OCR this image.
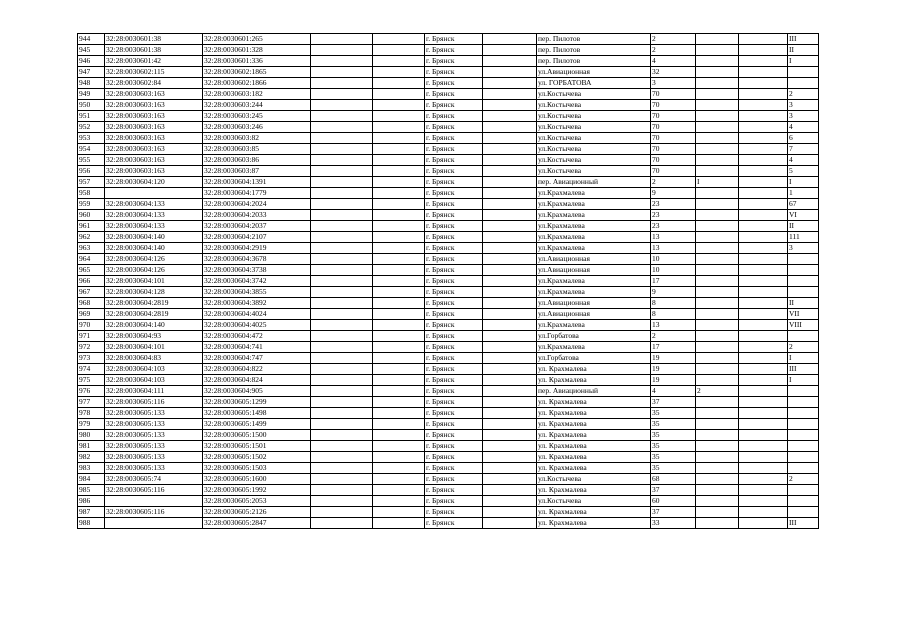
944	32:28:0030601:38	32:28:0030601:265			г. Брянск		пер. Пилотов	2			III
945	32:28:0030601:38	32:28:0030601:328			г. Брянск		пер. Пилотов	2			II
946	32:28:0030601:42	32:28:0030601:336			г. Брянск		пер. Пилотов	4			I
947	32:28:0030602:115	32:28:0030602:1865			г. Брянск		ул.Авиационная	32			
948	32:28:0030602:84	32:28:0030602:1866			г. Брянск		ул. ГОРБАТОВА	3			
949	32:28:0030603:163	32:28:0030603:182			г. Брянск		ул.Костычева	70			2
950	32:28:0030603:163	32:28:0030603:244			г. Брянск		ул.Костычева	70			3
951	32:28:0030603:163	32:28:0030603:245			г. Брянск		ул.Костычева	70			3
952	32:28:0030603:163	32:28:0030603:246			г. Брянск		ул.Костычева	70			4
953	32:28:0030603:163	32:28:0030603:82			г. Брянск		ул.Костычева	70			6
954	32:28:0030603:163	32:28:0030603:85			г. Брянск		ул.Костычева	70			7
955	32:28:0030603:163	32:28:0030603:86			г. Брянск		ул.Костычева	70			4
956	32:28:0030603:163	32:28:0030603:87			г. Брянск		ул.Костычева	70			5
957	32:28:0030604:120	32:28:0030604:1391			г. Брянск		пер. Авиационный	2	I		I
958		32:28:0030604:1779			г. Брянск		ул.Крахмалева	9			1
959	32:28:0030604:133	32:28:0030604:2024			г. Брянск		ул.Крахмалева	23			67
960	32:28:0030604:133	32:28:0030604:2033			г. Брянск		ул.Крахмалева	23			VI
961	32:28:0030604:133	32:28:0030604:2037			г. Брянск		ул.Крахмалева	23			II
962	32:28:0030604:140	32:28:0030604:2107			г. Брянск		ул.Крахмалева	13			111
963	32:28:0030604:140	32:28:0030604:2919			г. Брянск		ул.Крахмалева	13			3
964	32:28:0030604:126	32:28:0030604:3678			г. Брянск		ул.Авиационная	10			
965	32:28:0030604:126	32:28:0030604:3738			г. Брянск		ул.Авиационная	10			
966	32:28:0030604:101	32:28:0030604:3742			г. Брянск		ул.Крахмалева	17			
967	32:28:0030604:128	32:28:0030604:3855			г. Брянск		ул.Крахмалева	9			
968	32:28:0030604:2819	32:28:0030604:3892			г. Брянск		ул.Авиационная	8			II
969	32:28:0030604:2819	32:28:0030604:4024			г. Брянск		ул.Авиационная	8			VII
970	32:28:0030604:140	32:28:0030604:4025			г. Брянск		ул.Крахмалева	13			VIII
971	32:28:0030604:93	32:28:0030604:472			г. Брянск		ул.Горбатова	2			
972	32:28:0030604:101	32:28:0030604:741			г. Брянск		ул.Крахмалева	17			2
973	32:28:0030604:83	32:28:0030604:747			г. Брянск		ул.Горбатова	19			I
974	32:28:0030604:103	32:28:0030604:822			г. Брянск		ул. Крахмалева	19			III
975	32:28:0030604:103	32:28:0030604:824			г. Брянск		ул. Крахмалева	19			I
976	32:28:0030604:111	32:28:0030604:905			г. Брянск		пер. Авиационный	4	2		
977	32:28:0030605:116	32:28:0030605:1299			г. Брянск		ул. Крахмалева	37			
978	32:28:0030605:133	32:28:0030605:1498			г. Брянск		ул. Крахмалева	35			
979	32:28:0030605:133	32:28:0030605:1499			г. Брянск		ул. Крахмалева	35			
980	32:28:0030605:133	32:28:0030605:1500			г. Брянск		ул. Крахмалева	35			
981	32:28:0030605:133	32:28:0030605:1501			г. Брянск		ул. Крахмалева	35			
982	32:28:0030605:133	32:28:0030605:1502			г. Брянск		ул. Крахмалева	35			
983	32:28:0030605:133	32:28:0030605:1503			г. Брянск		ул. Крахмалева	35			
984	32:28:0030605:74	32:28:0030605:1600			г. Брянск		ул.Костычева	68			2
985	32:28:0030605:116	32:28:0030605:1992			г. Брянск		ул. Крахмалева	37			
986		32:28:0030605:2053			г. Брянск		ул.Костычева	60			
987	32:28:0030605:116	32:28:0030605:2126			г. Брянск		ул. Крахмалева	37			
988		32:28:0030605:2847			г. Брянск		ул. Крахмалева	33			III
